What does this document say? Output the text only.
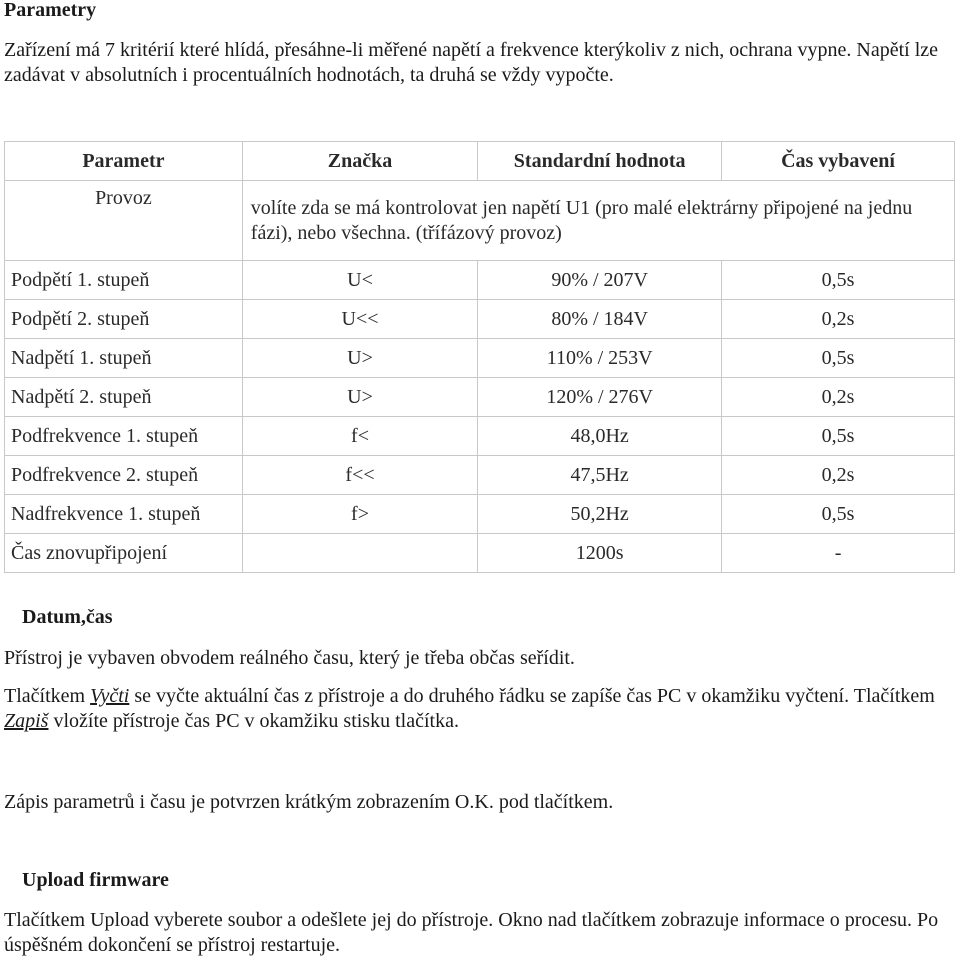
Parametry

Zařízení má 7 kritérií které hlídá, přesáhne-li měřené napětí a frekvence kterýkoliv z nich, ochrana vypne. Napětí lze zadávat v absolutních i procentuálních hodnotách, ta druhá se vždy vypočte.

Parametr	Značka	Standardní hodnota	Čas vybavení
Provoz	volíte zda se má kontrolovat jen napětí U1 (pro malé elektrárny připojené na jednu fázi), nebo všechna. (třífázový provoz)		
Podpětí 1. stupeň	U<	90% / 207V	0,5s
Podpětí 2. stupeň	U<<	80% / 184V	0,2s
Nadpětí 1. stupeň	U>	110% / 253V	0,5s
Nadpětí 2. stupeň	U>	120% / 276V	0,2s
Podfrekvence 1. stupeň	f<	48,0Hz	0,5s
Podfrekvence 2. stupeň	f<<	47,5Hz	0,2s
Nadfrekvence 1. stupeň	f>	50,2Hz	0,5s
Čas znovupřipojení		1200s	-
Datum,čas

Přístroj je vybaven obvodem reálného času, který je třeba občas seřídit.

Tlačítkem Vyčti se vyčte aktuální čas z přístroje a do druhého řádku se zapíše čas PC v okamžiku vyčtení. Tlačítkem Zapiš vložíte přístroje čas PC v okamžiku stisku tlačítka.

Zápis parametrů i času je potvrzen krátkým zobrazením O.K. pod tlačítkem.

Upload firmware

Tlačítkem Upload vyberete soubor a odešlete jej do přístroje. Okno nad tlačítkem zobrazuje informace o procesu. Po úspěšném dokončení se přístroj restartuje.
